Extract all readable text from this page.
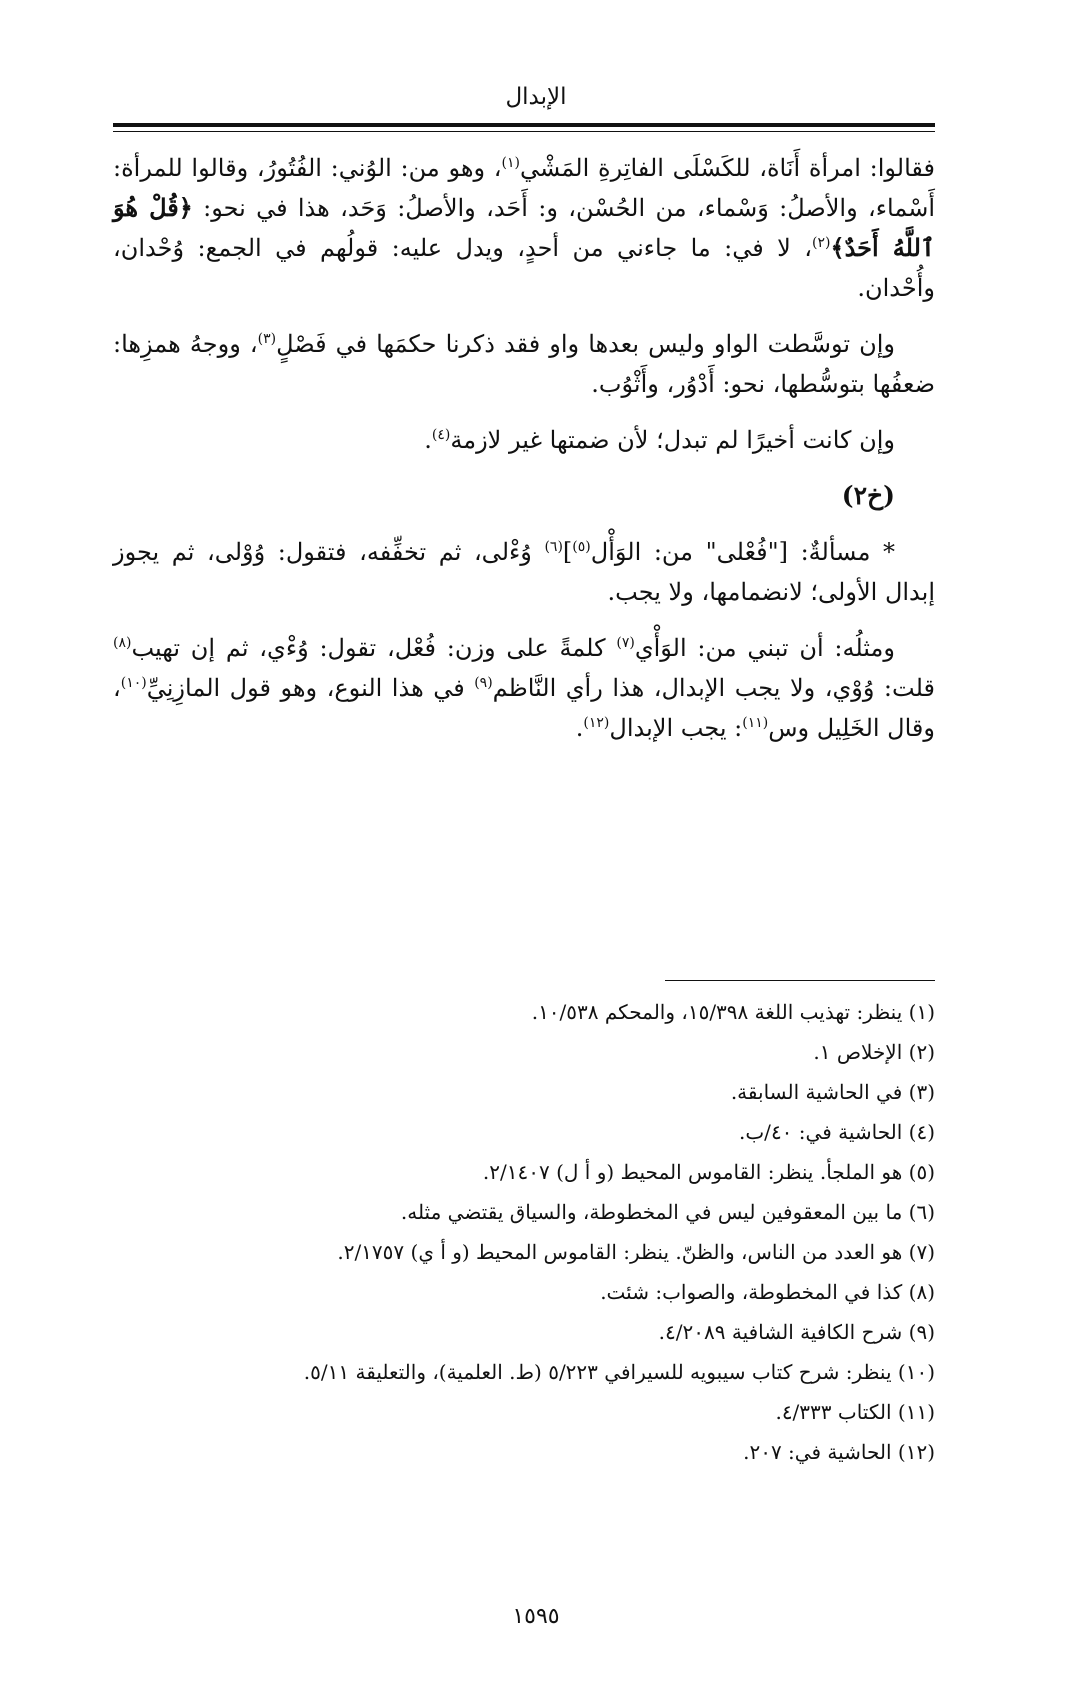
الإبدال

فقالوا: امرأة أَنَاة، للكَسْلَى الفاتِرةِ المَشْي$^{(١)}$، وهو من: الوُني: الفُتُورُ، وقالوا للمرأة: أَسْماء، والأصلُ: وَسْماء، من الحُسْن، و: أَحَد، والأصلُ: وَحَد، هذا في نحو: ﴿قُلْ هُوَ ٱللَّهُ أَحَدٌ﴾$^{(٢)}$، لا في: ما جاءني من أحدٍ، ويدل عليه: قولُهم في الجمع: وُحْدان، وأُحْدان.

وإن توسَّطت الواو وليس بعدها واو فقد ذكرنا حكمَها في فَصْلٍ$^{(٣)}$، ووجهُ همزِها: ضعفُها بتوسُّطها، نحو: أَدْوُر، وأَثْوُب.

وإن كانت أخيرًا لم تبدل؛ لأن ضمتها غير لازمة$^{(٤)}$.

(خ٢)

* مسألةٌ: ["فُعْلى" من: الوَأْل$^{(٥)}$]$^{(٦)}$ وُءْلى، ثم تخفِّفه، فتقول: وُوْلى، ثم يجوز إبدال الأولى؛ لانضمامها، ولا يجب.

ومثلُه: أن تبني من: الوَأْي$^{(٧)}$ كلمةً على وزن: فُعْل، تقول: وُءْي، ثم إن تهيب$^{(٨)}$ قلت: وُوْي، ولا يجب الإبدال، هذا رأي النَّاظم$^{(٩)}$ في هذا النوع، وهو قول المازِنِيِّ$^{(١٠)}$، وقال الخَلِيل وس$^{(١١)}$: يجب الإبدال$^{(١٢)}$.

(١) ينظر: تهذيب اللغة ١٥/٣٩٨، والمحكم ١٠/٥٣٨.

(٢) الإخلاص ١.

(٣) في الحاشية السابقة.

(٤) الحاشية في: ٤٠/ب.

(٥) هو الملجأ. ينظر: القاموس المحيط (و أ ل) ٢/١٤٠٧.

(٦) ما بين المعقوفين ليس في المخطوطة، والسياق يقتضي مثله.

(٧) هو العدد من الناس، والظنّ. ينظر: القاموس المحيط (و أ ي) ٢/١٧٥٧.

(٨) كذا في المخطوطة، والصواب: شئت.

(٩) شرح الكافية الشافية ٤/٢٠٨٩.

(١٠) ينظر: شرح كتاب سيبويه للسيرافي ٥/٢٢٣ (ط. العلمية)، والتعليقة ٥/١١.

(١١) الكتاب ٤/٣٣٣.

(١٢) الحاشية في: ٢٠٧.

١٥٩٥
